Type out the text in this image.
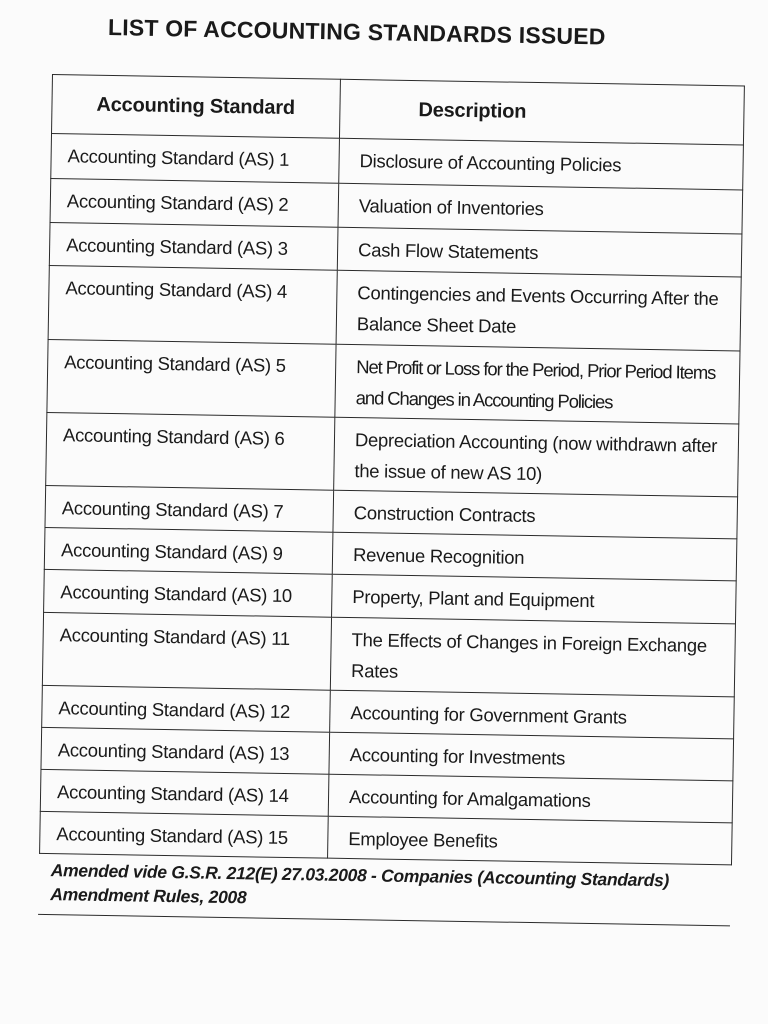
LIST OF ACCOUNTING STANDARDS ISSUED
Accounting Standard	Description
Accounting Standard (AS) 1	Disclosure of Accounting Policies
Accounting Standard (AS) 2	Valuation of Inventories
Accounting Standard (AS) 3	Cash Flow Statements
Accounting Standard (AS) 4	Contingencies and Events Occurring After the Balance Sheet Date
Accounting Standard (AS) 5	Net Profit or Loss for the Period, Prior Period Items and Changes in Accounting Policies
Accounting Standard (AS) 6	Depreciation Accounting (now withdrawn after the issue of new AS 10)
Accounting Standard (AS) 7	Construction Contracts
Accounting Standard (AS) 9	Revenue Recognition
Accounting Standard (AS) 10	Property, Plant and Equipment
Accounting Standard (AS) 11	The Effects of Changes in Foreign Exchange Rates
Accounting Standard (AS) 12	Accounting for Government Grants
Accounting Standard (AS) 13	Accounting for Investments
Accounting Standard (AS) 14	Accounting for Amalgamations
Accounting Standard (AS) 15	Employee Benefits
Amended vide G.S.R. 212(E) 27.03.2008 - Companies (Accounting Standards)
Amendment Rules, 2008
